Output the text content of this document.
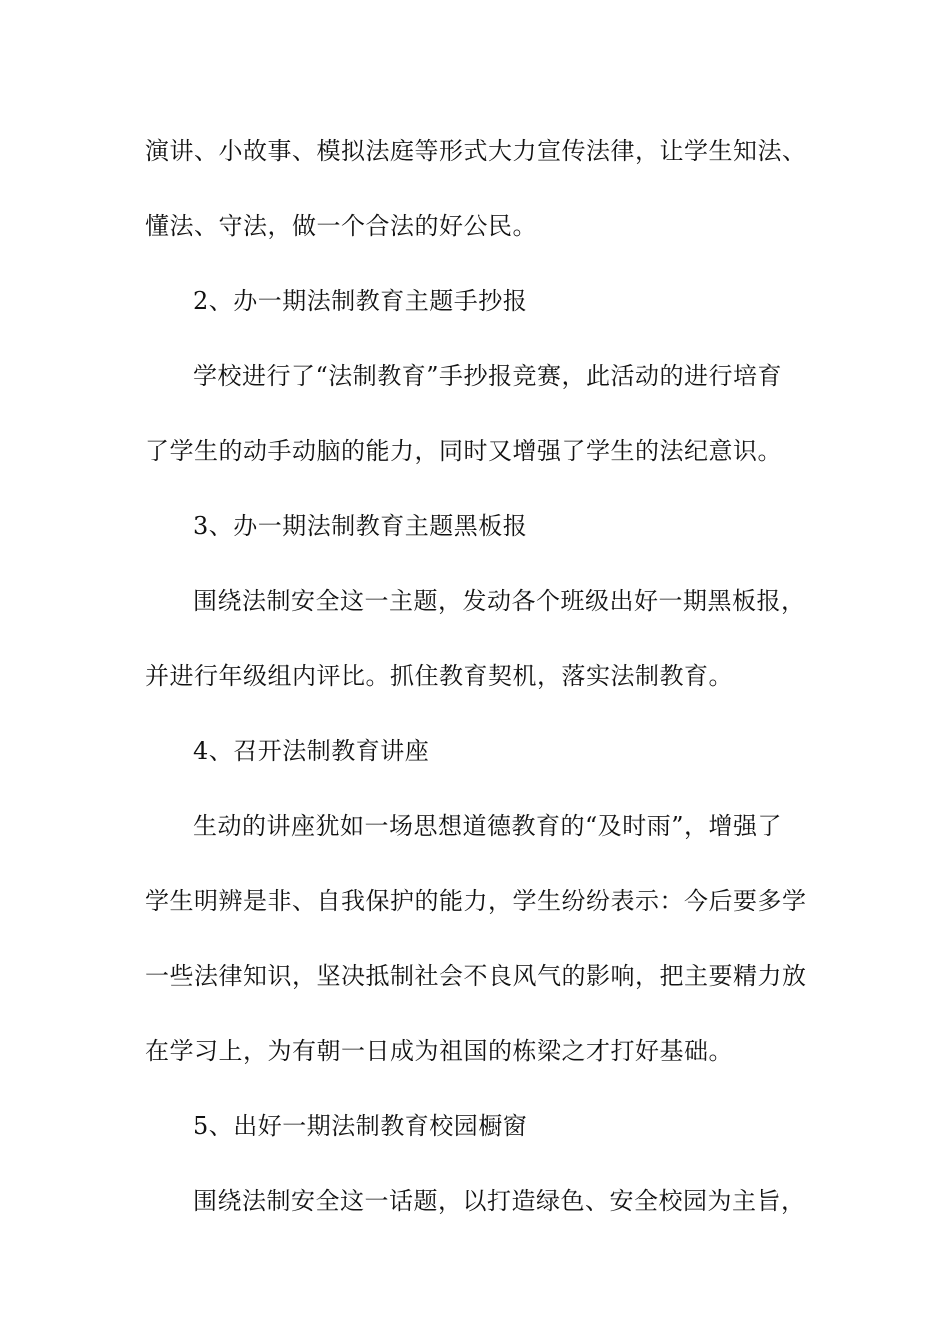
演讲、小故事、模拟法庭等形式大力宣传法律，让学生知法、
懂法、守法，做一个合法的好公民。
2、办一期法制教育主题手抄报
学校进行了“法制教育”手抄报竞赛，此活动的进行培育
了学生的动手动脑的能力，同时又增强了学生的法纪意识。
3、办一期法制教育主题黑板报
围绕法制安全这一主题，发动各个班级出好一期黑板报，
并进行年级组内评比。抓住教育契机，落实法制教育。
4、召开法制教育讲座
生动的讲座犹如一场思想道德教育的“及时雨”，增强了
学生明辨是非、自我保护的能力，学生纷纷表示：今后要多学
一些法律知识，坚决抵制社会不良风气的影响，把主要精力放
在学习上，为有朝一日成为祖国的栋梁之才打好基础。
5、出好一期法制教育校园橱窗
围绕法制安全这一话题，以打造绿色、安全校园为主旨，
